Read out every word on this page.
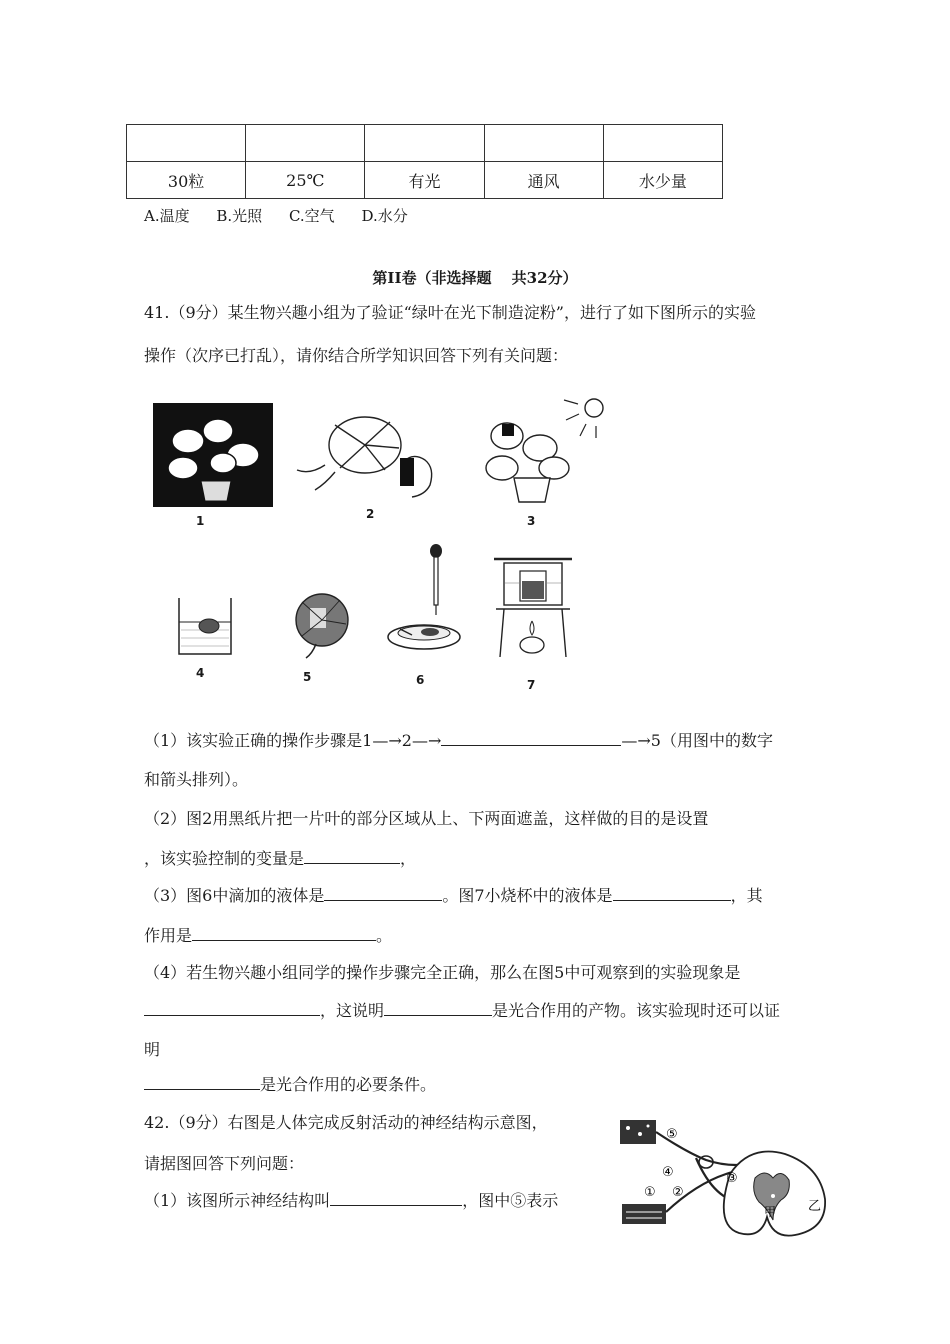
30粒	25℃	有光	通风	水少量
A.温度 B.光照 C.空气 D.水分
第II卷（非选择题　 共32分）
41.（9分）某生物兴趣小组为了验证“绿叶在光下制造淀粉”，进行了如下图所示的实验
操作（次序已打乱），请你结合所学知识回答下列有关问题：
1	2	3
4	5	6	7
（1）该实验正确的操作步骤是1—→2—→	—→5（用图中的数字
和箭头排列）。
（2）图2用黑纸片把一片叶的部分区域从上、下两面遮盖，这样做的目的是设置
，该实验控制的变量是	，
（3）图6中滴加的液体是	。图7小烧杯中的液体是	，其
作用是	。
（4）若生物兴趣小组同学的操作步骤完全正确，那么在图5中可观察到的实验现象是
，这说明	是光合作用的产物。该实验现时还可以证
明
是光合作用的必要条件。
42.（9分）右图是人体完成反射活动的神经结构示意图，
请据图回答下列问题：
（1）该图所示神经结构叫	，图中⑤表示
⑤
④	③
②
①
甲 乙
